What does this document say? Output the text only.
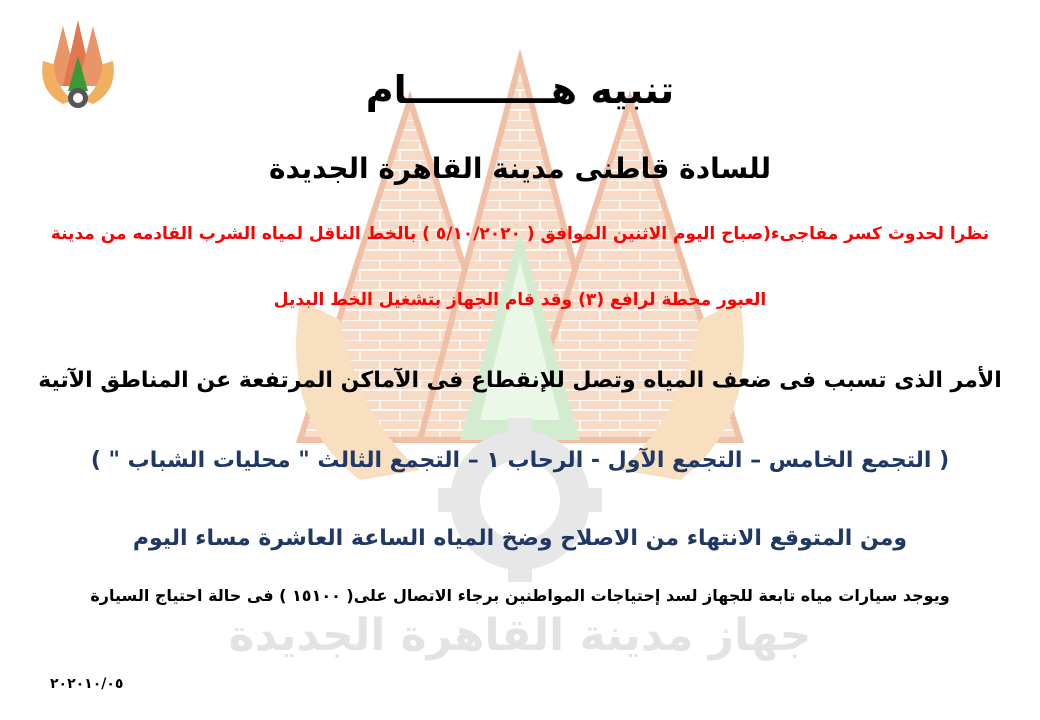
جهاز مدينة القاهرة الجديدة
تنبيه هـــــــــــام
للسادة قاطنى مدينة القاهرة الجديدة
نظرا لحدوث كسر مفاجىء(صباح اليوم الاثنين الموافق ( ٥/١٠/٢٠٢٠ ) بالخط الناقل لمياه الشرب القادمه من مدينة
العبور محطة لرافع (٣) وقد قام الجهاز بتشغيل الخط البديل
الأمر الذى تسبب فى ضعف المياه وتصل للإنقطاع فى الآماكن المرتفعة عن المناطق الآتية
( التجمع الخامس – التجمع الآول - الرحاب ١ – التجمع الثالث " محليات الشباب " )
ومن المتوقع الانتهاء من الاصلاح وضخ المياه الساعة العاشرة مساء اليوم
ويوجد سيارات مياه تابعة للجهاز لسد إحتياجات المواطنين برجاء الاتصال على( ١٥١٠٠ ) فى حالة احتياج السيارة
٢٠٢٠١٠/٠٥
